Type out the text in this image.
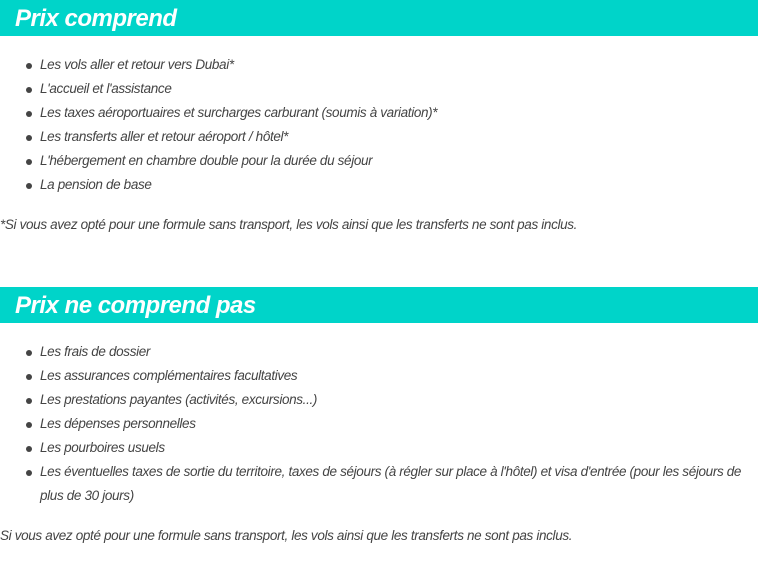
Prix comprend
Les vols aller et retour vers Dubai*
L'accueil et l'assistance
Les taxes aéroportuaires et surcharges carburant (soumis à variation)*
Les transferts aller et retour aéroport / hôtel*
L'hébergement en chambre double pour la durée du séjour
La pension de base

*Si vous avez opté pour une formule sans transport, les vols ainsi que les transferts ne sont pas inclus.

Prix ne comprend pas
Les frais de dossier
Les assurances complémentaires facultatives
Les prestations payantes (activités, excursions...)
Les dépenses personnelles
Les pourboires usuels
Les éventuelles taxes de sortie du territoire, taxes de séjours (à régler sur place à l'hôtel) et visa d'entrée (pour les séjours de plus de 30 jours)

Si vous avez opté pour une formule sans transport, les vols ainsi que les transferts ne sont pas inclus.
